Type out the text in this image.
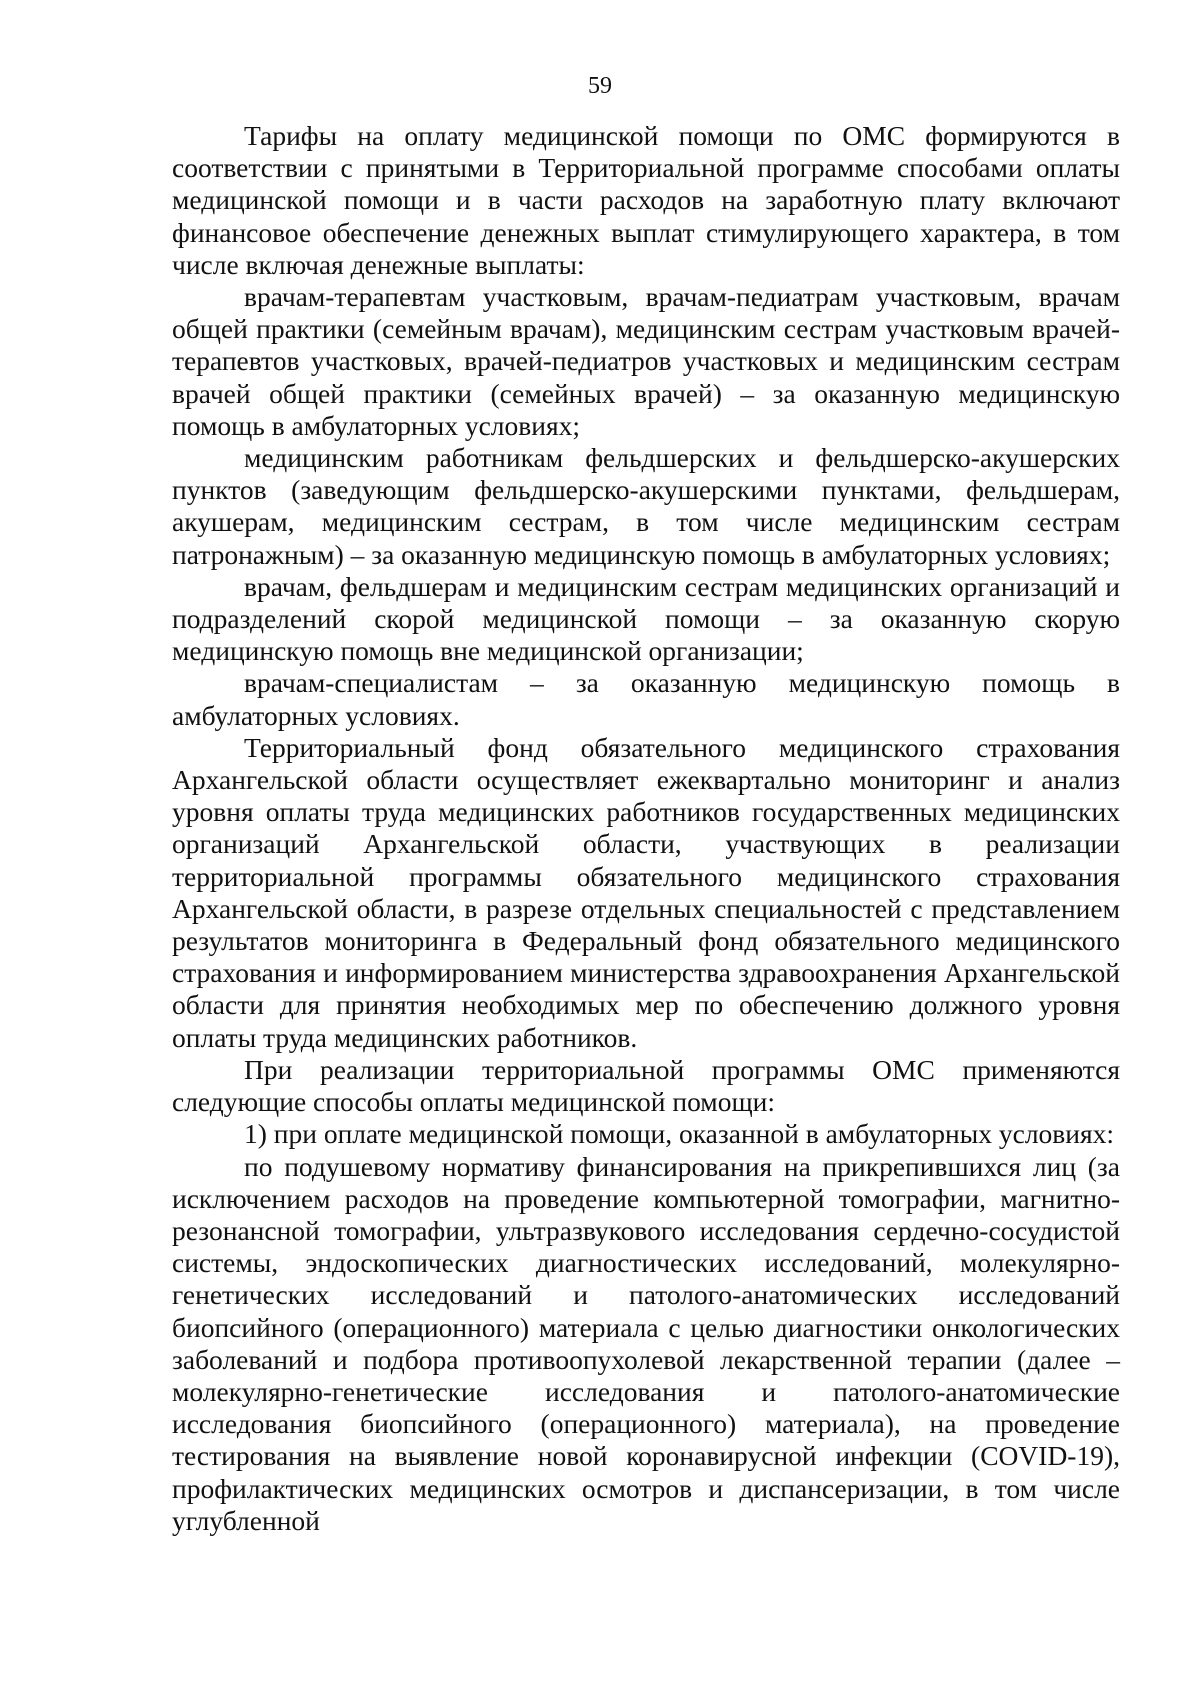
59

Тарифы на оплату медицинской помощи по ОМС формируются в соответствии с принятыми в Территориальной программе способами оплаты медицинской помощи и в части расходов на заработную плату включают финансовое обеспечение денежных выплат стимулирующего характера, в том числе включая денежные выплаты:

врачам-терапевтам участковым, врачам-педиатрам участковым, врачам общей практики (семейным врачам), медицинским сестрам участковым врачей-терапевтов участковых, врачей-педиатров участковых и медицинским сестрам врачей общей практики (семейных врачей) – за оказанную медицинскую помощь в амбулаторных условиях;

медицинским работникам фельдшерских и фельдшерско-акушерских пунктов (заведующим фельдшерско-акушерскими пунктами, фельдшерам, акушерам, медицинским сестрам, в том числе медицинским сестрам патронажным) – за оказанную медицинскую помощь в амбулаторных условиях;

врачам, фельдшерам и медицинским сестрам медицинских организаций и подразделений скорой медицинской помощи – за оказанную скорую медицинскую помощь вне медицинской организации;

врачам-специалистам – за оказанную медицинскую помощь в амбулаторных условиях.

Территориальный фонд обязательного медицинского страхования Архангельской области осуществляет ежеквартально мониторинг и анализ уровня оплаты труда медицинских работников государственных медицинских организаций Архангельской области, участвующих в реализации территориальной программы обязательного медицинского страхования Архангельской области, в разрезе отдельных специальностей с представлением результатов мониторинга в Федеральный фонд обязательного медицинского страхования и информированием министерства здравоохранения Архангельской области для принятия необходимых мер по обеспечению должного уровня оплаты труда медицинских работников.

При реализации территориальной программы ОМС применяются следующие способы оплаты медицинской помощи:

1) при оплате медицинской помощи, оказанной в амбулаторных условиях:

по подушевому нормативу финансирования на прикрепившихся лиц (за исключением расходов на проведение компьютерной томографии, магнитно-резонансной томографии, ультразвукового исследования сердечно-сосудистой системы, эндоскопических диагностических исследований, молекулярно-генетических исследований и патолого-анатомических исследований биопсийного (операционного) материала с целью диагностики онкологических заболеваний и подбора противоопухолевой лекарственной терапии (далее – молекулярно-генетические исследования и патолого-анатомические исследования биопсийного (операционного) материала), на проведение тестирования на выявление новой коронавирусной инфекции (COVID-19), профилактических медицинских осмотров и диспансеризации, в том числе углубленной
